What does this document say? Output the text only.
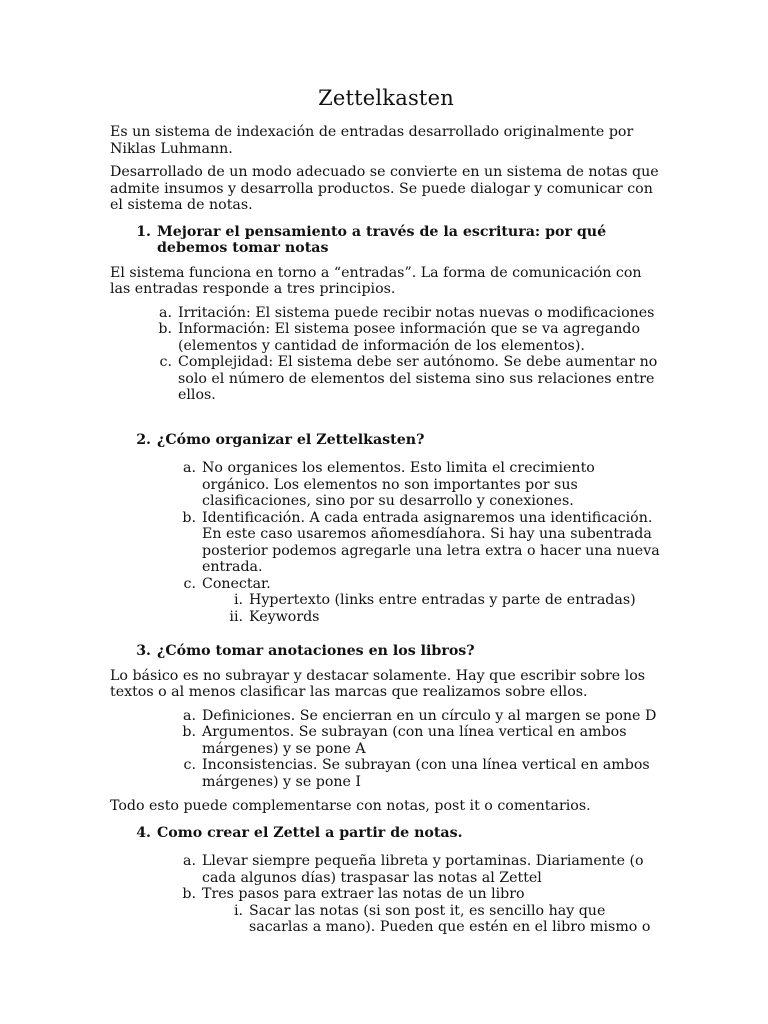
Zettelkasten

Es un sistema de indexación de entradas desarrollado originalmente por Niklas Luhmann.

Desarrollado de un modo adecuado se convierte en un sistema de notas que admite insumos y desarrolla productos. Se puede dialogar y comunicar con el sistema de notas.

1. Mejorar el pensamiento a través de la escritura: por qué debemos tomar notas

El sistema funciona en torno a “entradas”. La forma de comunicación con las entradas responde a tres principios.

a. Irritación: El sistema puede recibir notas nuevas o modificaciones
b. Información: El sistema posee información que se va agregando (elementos y cantidad de información de los elementos).
c. Complejidad: El sistema debe ser autónomo. Se debe aumentar no solo el número de elementos del sistema sino sus relaciones entre ellos.
2. ¿Cómo organizar el Zettelkasten?
a. No organices los elementos. Esto limita el crecimiento orgánico. Los elementos no son importantes por sus clasificaciones, sino por su desarrollo y conexiones.
b. Identificación. A cada entrada asignaremos una identificación. En este caso usaremos añomesdíahora. Si hay una subentrada posterior podemos agregarle una letra extra o hacer una nueva entrada.
c. Conectar.
i. Hypertexto (links entre entradas y parte de entradas)
ii. Keywords
3. ¿Cómo tomar anotaciones en los libros?

Lo básico es no subrayar y destacar solamente. Hay que escribir sobre los textos o al menos clasificar las marcas que realizamos sobre ellos.

a. Definiciones. Se encierran en un círculo y al margen se pone D
b. Argumentos. Se subrayan (con una línea vertical en ambos márgenes) y se pone A
c. Inconsistencias. Se subrayan (con una línea vertical en ambos márgenes) y se pone I

Todo esto puede complementarse con notas, post it o comentarios.

4. Como crear el Zettel a partir de notas.
a. Llevar siempre pequeña libreta y portaminas. Diariamente (o cada algunos días) traspasar las notas al Zettel
b. Tres pasos para extraer las notas de un libro
i. Sacar las notas (si son post it, es sencillo hay que sacarlas a mano). Pueden que estén en el libro mismo o
